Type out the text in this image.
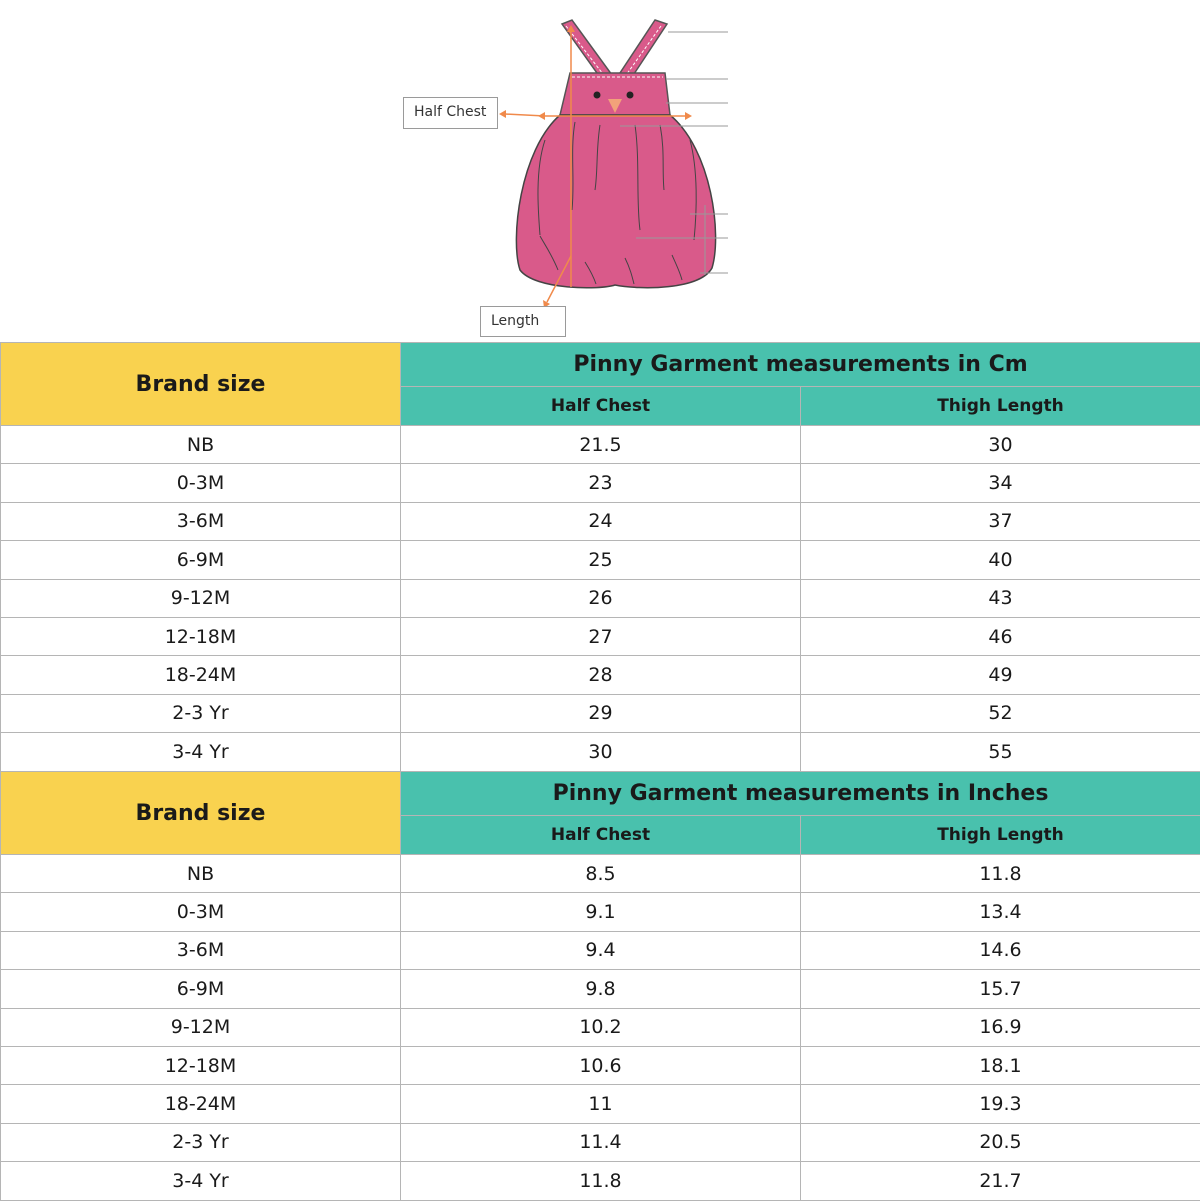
Half Chest
Length
Brand size	Pinny Garment measurements in Cm	
	Half Chest	Thigh Length
NB	21.5	30
0-3M	23	34
3-6M	24	37
6-9M	25	40
9-12M	26	43
12-18M	27	46
18-24M	28	49
2-3 Yr	29	52
3-4 Yr	30	55
Brand size	Pinny Garment measurements in Inches	
	Half Chest	Thigh Length
NB	8.5	11.8
0-3M	9.1	13.4
3-6M	9.4	14.6
6-9M	9.8	15.7
9-12M	10.2	16.9
12-18M	10.6	18.1
18-24M	11	19.3
2-3 Yr	11.4	20.5
3-4 Yr	11.8	21.7
